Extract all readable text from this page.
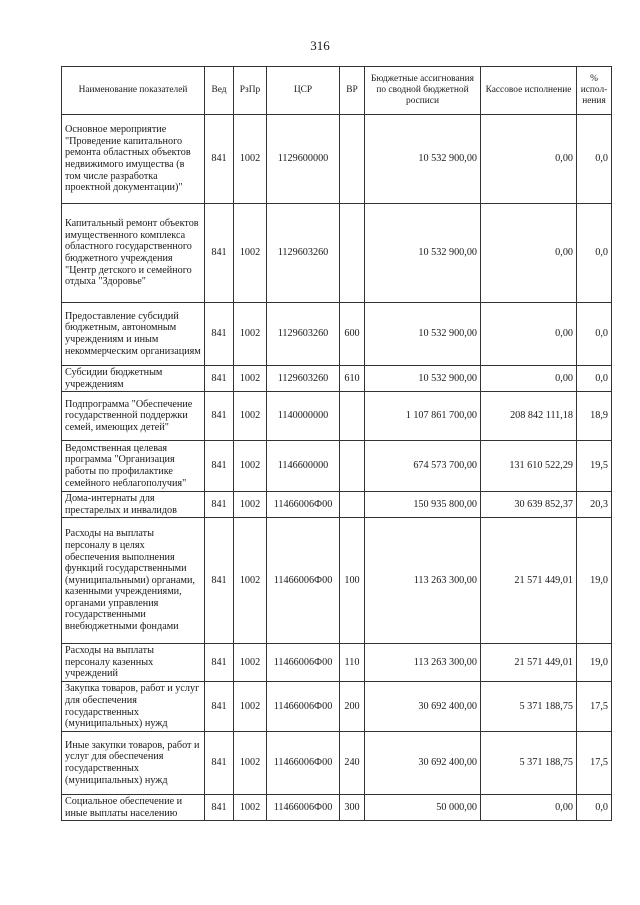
316
Наименование показателей	Вед	РзПр	ЦСР	ВР	Бюджетные ассигнования по сводной бюджетной росписи	Кассовое исполнение	% испол-нения
Основное мероприятие "Проведение капитального ремонта областных объектов недвижимого имущества (в том числе разработка проектной документации)"	841	1002	1129600000		10 532 900,00	0,00	0,0
Капитальный ремонт объектов имущественного комплекса областного государственного бюджетного учреждения "Центр детского и семейного отдыха "Здоровье"	841	1002	1129603260		10 532 900,00	0,00	0,0
Предоставление субсидий бюджетным, автономным учреждениям и иным некоммерческим организациям	841	1002	1129603260	600	10 532 900,00	0,00	0,0
Субсидии бюджетным учреждениям	841	1002	1129603260	610	10 532 900,00	0,00	0,0
Подпрограмма "Обеспечение государственной поддержки семей, имеющих детей"	841	1002	1140000000		1 107 861 700,00	208 842 111,18	18,9
Ведомственная целевая программа "Организация работы по профилактике семейного неблагополучия"	841	1002	1146600000		674 573 700,00	131 610 522,29	19,5
Дома-интернаты для престарелых и инвалидов	841	1002	11466006Ф00		150 935 800,00	30 639 852,37	20,3
Расходы на выплаты персоналу в целях обеспечения выполнения функций государственными (муниципальными) органами, казенными учреждениями, органами управления государственными внебюджетными фондами	841	1002	11466006Ф00	100	113 263 300,00	21 571 449,01	19,0
Расходы на выплаты персоналу казенных учреждений	841	1002	11466006Ф00	110	113 263 300,00	21 571 449,01	19,0
Закупка товаров, работ и услуг для обеспечения государственных (муниципальных) нужд	841	1002	11466006Ф00	200	30 692 400,00	5 371 188,75	17,5
Иные закупки товаров, работ и услуг для обеспечения государственных (муниципальных) нужд	841	1002	11466006Ф00	240	30 692 400,00	5 371 188,75	17,5
Социальное обеспечение и иные выплаты населению	841	1002	11466006Ф00	300	50 000,00	0,00	0,0
